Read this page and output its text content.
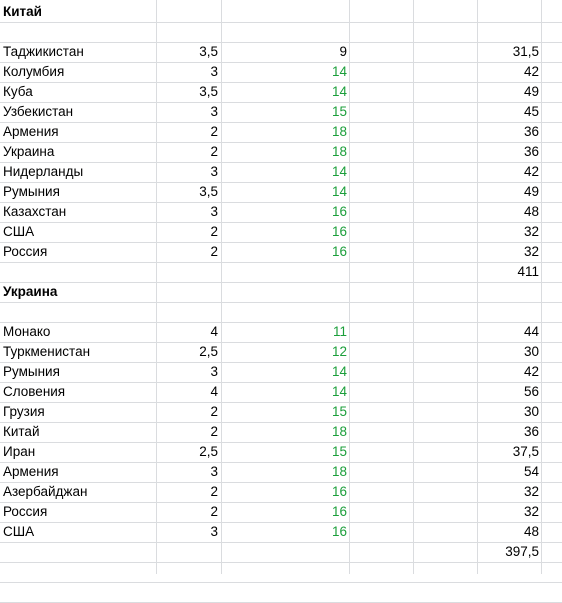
Китай
Таджикистан	3,5	9	31,5
Колумбия	3	14	42
Куба	3,5	14	49
Узбекистан	3	15	45
Армения	2	18	36
Украина	2	18	36
Нидерланды	3	14	42
Румыния	3,5	14	49
Казахстан	3	16	48
США	2	16	32
Россия	2	16	32
411
Украина
Монако	4	11	44
Туркменистан	2,5	12	30
Румыния	3	14	42
Словения	4	14	56
Грузия	2	15	30
Китай	2	18	36
Иран	2,5	15	37,5
Армения	3	18	54
Азербайджан	2	16	32
Россия	2	16	32
США	3	16	48
397,5
